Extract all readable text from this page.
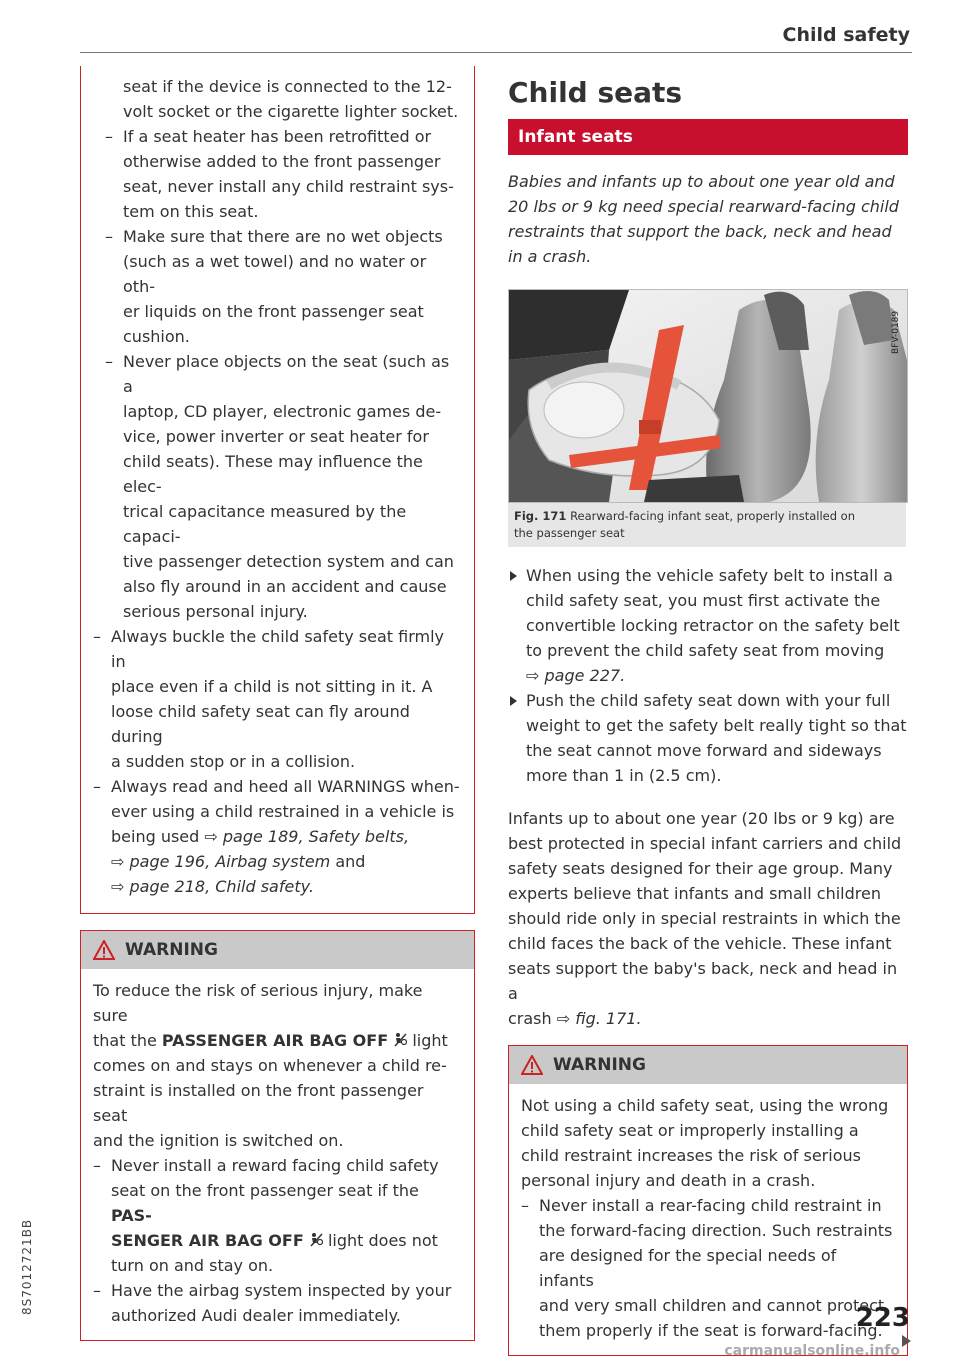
Child safety
8S7012721BB
seat if the device is connected to the 12-
volt socket or the cigarette lighter socket.
– If a seat heater has been retrofitted or
otherwise added to the front passenger
seat, never install any child restraint sys-
tem on this seat.
– Make sure that there are no wet objects
(such as a wet towel) and no water or oth-
er liquids on the front passenger seat
cushion.
– Never place objects on the seat (such as a
laptop, CD player, electronic games de-
vice, power inverter or seat heater for
child seats). These may influence the elec-
trical capacitance measured by the capaci-
tive passenger detection system and can
also fly around in an accident and cause
serious personal injury.
– Always buckle the child safety seat firmly in
place even if a child is not sitting in it. A
loose child safety seat can fly around during
a sudden stop or in a collision.
– Always read and heed all WARNINGS when-
ever using a child restrained in a vehicle is
being used ⇨ page 189, Safety belts,
⇨ page 196, Airbag system and
⇨ page 218, Child safety.
WARNING
To reduce the risk of serious injury, make sure
that the PASSENGER AIR BAG OFF  light
comes on and stays on whenever a child re-
straint is installed on the front passenger seat
and the ignition is switched on.
– Never install a reward facing child safety
seat on the front passenger seat if the PAS-
SENGER AIR BAG OFF  light does not
turn on and stay on.
– Have the airbag system inspected by your
authorized Audi dealer immediately.
Child seats
Infant seats
Babies and infants up to about one year old and
20 lbs or 9 kg need special rearward-facing child
restraints that support the back, neck and head
in a crash.
BFV-0189
Fig. 171 Rearward-facing infant seat, properly installed on
the passenger seat
When using the vehicle safety belt to install a
child safety seat, you must first activate the
convertible locking retractor on the safety belt
to prevent the child safety seat from moving
⇨ page 227.
Push the child safety seat down with your full
weight to get the safety belt really tight so that
the seat cannot move forward and sideways
more than 1 in (2.5 cm).
Infants up to about one year (20 lbs or 9 kg) are
best protected in special infant carriers and child
safety seats designed for their age group. Many
experts believe that infants and small children
should ride only in special restraints in which the
child faces the back of the vehicle. These infant
seats support the baby's back, neck and head in a
crash ⇨ fig. 171.
WARNING
Not using a child safety seat, using the wrong
child safety seat or improperly installing a
child restraint increases the risk of serious
personal injury and death in a crash.
– Never install a rear-facing child restraint in
the forward-facing direction. Such restraints
are designed for the special needs of infants
and very small children and cannot protect
them properly if the seat is forward-facing.
223
carmanualsonline.info
